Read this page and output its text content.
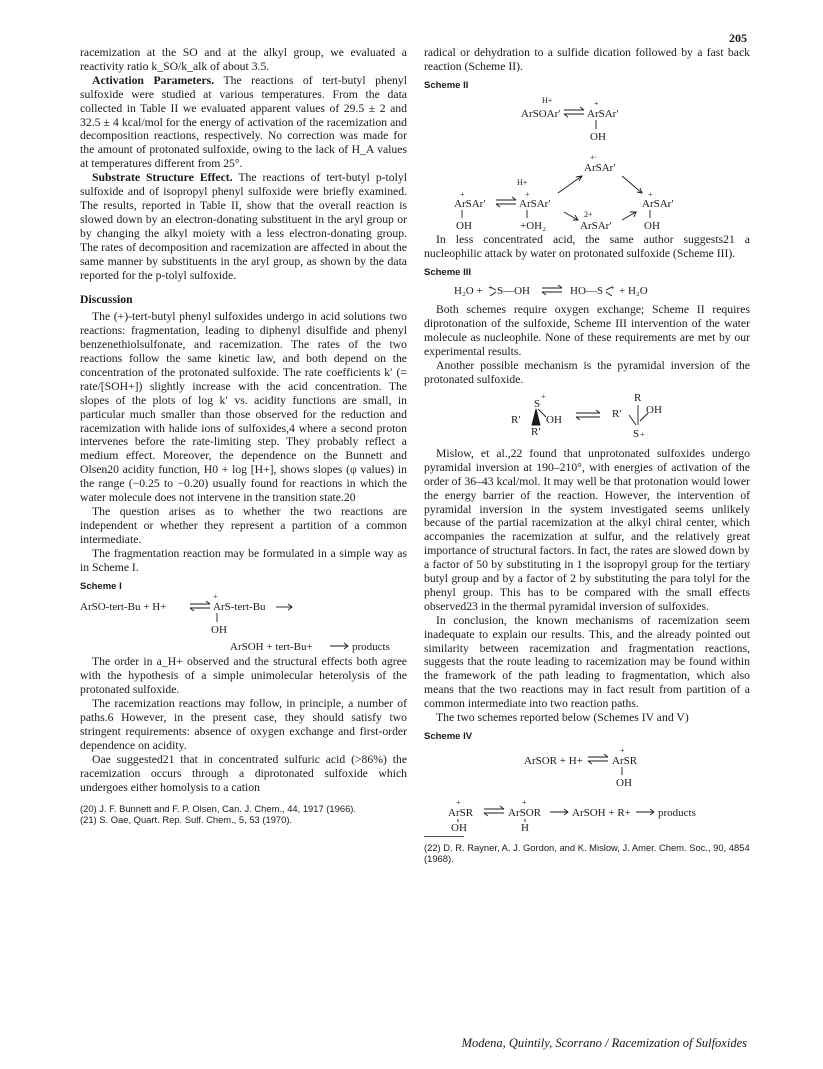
205

racemization at the SO and at the alkyl group, we evaluated a reactivity ratio k_SO/k_alk of about 3.5.

Activation Parameters. The reactions of tert-butyl phenyl sulfoxide were studied at various temperatures. From the data collected in Table II we evaluated apparent values of 29.5 ± 2 and 32.5 ± 4 kcal/mol for the energy of activation of the racemization and decomposition reactions, respectively. No correction was made for the amount of protonated sulfoxide, owing to the lack of H_A values at temperatures different from 25°.

Substrate Structure Effect. The reactions of tert-butyl p-tolyl sulfoxide and of isopropyl phenyl sulfoxide were briefly examined. The results, reported in Table II, show that the overall reaction is slowed down by an electron-donating substituent in the aryl group or by changing the alkyl moiety with a less electron-donating group. The rates of decomposition and racemization are affected in about the same manner by substituents in the aryl group, as shown by the data reported for the p-tolyl sulfoxide.

Discussion

The (+)-tert-butyl phenyl sulfoxides undergo in acid solutions two reactions: fragmentation, leading to diphenyl disulfide and phenyl benzenethiolsulfonate, and racemization. The rates of the two reactions follow the same kinetic law, and both depend on the concentration of the protonated sulfoxide. The rate coefficients k′ (= rate/[SOH+]) slightly increase with the acid concentration. The slopes of the plots of log k′ vs. acidity functions are small, in particular much smaller than those observed for the reduction and racemization with halide ions of sulfoxides,4 where a second proton intervenes before the rate-limiting step. They probably reflect a medium effect. Moreover, the dependence on the Bunnett and Olsen20 acidity function, H0 + log [H+], shows slopes (φ values) in the range (−0.25 to −0.20) usually found for reactions in which the water molecule does not intervene in the transition state.20

The question arises as to whether the two reactions are independent or whether they represent a partition of a common intermediate.

The fragmentation reaction may be formulated in a simple way as in Scheme I.

Scheme I
ArSO-tert-Bu + H+
+
ArS-tert-Bu
OH
ArSOH + tert-Bu+	products

The order in a_H+ observed and the structural effects both agree with the hypothesis of a simple unimolecular heterolysis of the protonated sulfoxide.

The racemization reactions may follow, in principle, a number of paths.6 However, in the present case, they should satisfy two stringent requirements: absence of oxygen exchange and first-order dependence on acidity.

Oae suggested21 that in concentrated sulfuric acid (>86%) the racemization occurs through a diprotonated sulfoxide which undergoes either homolysis to a cation

(20) J. F. Bunnett and F. P. Olsen, Can. J. Chem., 44, 1917 (1966).

(21) S. Oae, Quart. Rep. Sulf. Chem., 5, 53 (1970).

radical or dehydration to a sulfide dication followed by a fast back reaction (Scheme II).

Scheme II
H+
ArSOAr′
+
ArSAr′
OH
+·
ArSAr′
+
ArSAr′
H+
+
ArSAr′
OH	+OH₂
+
ArSAr′
OH
2+
ArSAr′

In less concentrated acid, the same author suggests21 a nucleophilic attack by water on protonated sulfoxide (Scheme III).

Scheme III
H₂O + + S—OH	HO—S + + H₂O

Both schemes require oxygen exchange; Scheme II requires diprotonation of the sulfoxide, Scheme III intervention of the water molecule as nucleophile. None of these requirements are met by our experimental results.

Another possible mechanism is the pyramidal inversion of the protonated sulfoxide.

+
S
R′ OH
R′
R
R′ OH
S +

Mislow, et al.,22 found that unprotonated sulfoxides undergo pyramidal inversion at 190–210°, with energies of activation of the order of 36–43 kcal/mol. It may well be that protonation would lower the energy barrier of the reaction. However, the intervention of pyramidal inversion in the system investigated seems unlikely because of the partial racemization at the alkyl chiral center, which accompanies the racemization at sulfur, and the relatively great importance of structural factors. In fact, the rates are slowed down by a factor of 50 by substituting in 1 the isopropyl group for the tertiary butyl group and by a factor of 2 by substituting the para tolyl for the phenyl group. This has to be compared with the small effects observed23 in the thermal pyramidal inversion of sulfoxides.

In conclusion, the known mechanisms of racemization seem inadequate to explain our results. This, and the already pointed out similarity between racemization and fragmentation reactions, suggests that the route leading to racemization may be found within the framework of the path leading to fragmentation, which also means that the two reactions may in fact result from partition of a common intermediate into two reaction paths.

The two schemes reported below (Schemes IV and V)

Scheme IV
ArSOR + H+
+
ArSR
OH
+
ArSR
+
ArSOR	ArSOH + R+ products
OH	H

(22) D. R. Rayner, A. J. Gordon, and K. Mislow, J. Amer. Chem. Soc., 90, 4854 (1968).

Modena, Quintily, Scorrano / Racemization of Sulfoxides
